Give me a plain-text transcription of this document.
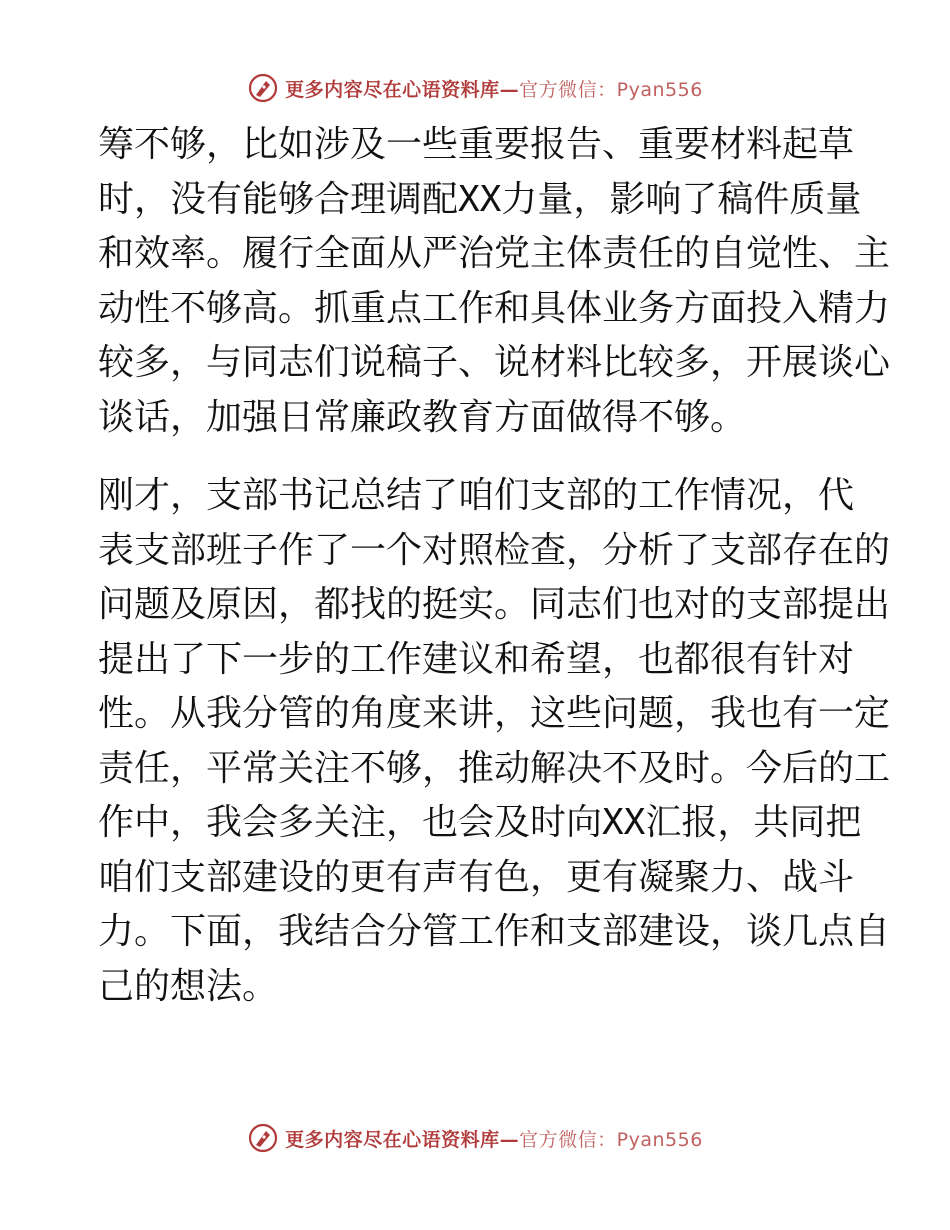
更多内容尽在心语资料库—官方微信：Pyan556
筹不够，比如涉及一些重要报告、重要材料起草
时，没有能够合理调配XX力量，影响了稿件质量
和效率。履行全面从严治党主体责任的自觉性、主
动性不够高。抓重点工作和具体业务方面投入精力
较多，与同志们说稿子、说材料比较多，开展谈心
谈话，加强日常廉政教育方面做得不够。
刚才，支部书记总结了咱们支部的工作情况，代
表支部班子作了一个对照检查，分析了支部存在的
问题及原因，都找的挺实。同志们也对的支部提出
提出了下一步的工作建议和希望，也都很有针对
性。从我分管的角度来讲，这些问题，我也有一定
责任，平常关注不够，推动解决不及时。今后的工
作中，我会多关注，也会及时向XX汇报，共同把
咱们支部建设的更有声有色，更有凝聚力、战斗
力。下面，我结合分管工作和支部建设，谈几点自
己的想法。
更多内容尽在心语资料库—官方微信：Pyan556
